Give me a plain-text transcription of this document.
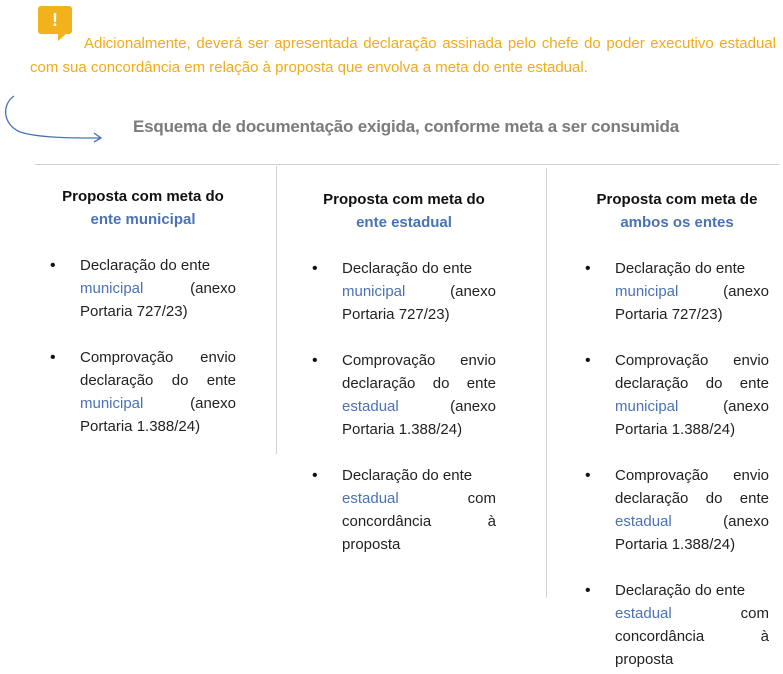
!
Adicionalmente, deverá ser apresentada declaração assinada pelo chefe do poder executivo estadual com sua concordância em relação à proposta que envolva a meta do ente estadual.
Esquema de documentação exigida, conforme meta a ser consumida
Proposta com meta do
ente municipal
• Declaração do ente
municipal	(anexo
Portaria 727/23)
• Comprovação envio
declaração do ente
municipal	(anexo
Portaria 1.388/24)
Proposta com meta do
ente estadual
• Declaração do ente
municipal	(anexo
Portaria 727/23)
• Comprovação envio
declaração do ente
estadual	(anexo
Portaria 1.388/24)
• Declaração do ente
estadual	com
concordância	à
proposta
Proposta com meta de
ambos os entes
• Declaração do ente
municipal	(anexo
Portaria 727/23)
• Comprovação envio
declaração do ente
municipal	(anexo
Portaria 1.388/24)
• Comprovação envio
declaração do ente
estadual	(anexo
Portaria 1.388/24)
• Declaração do ente
estadual	com
concordância	à
proposta
